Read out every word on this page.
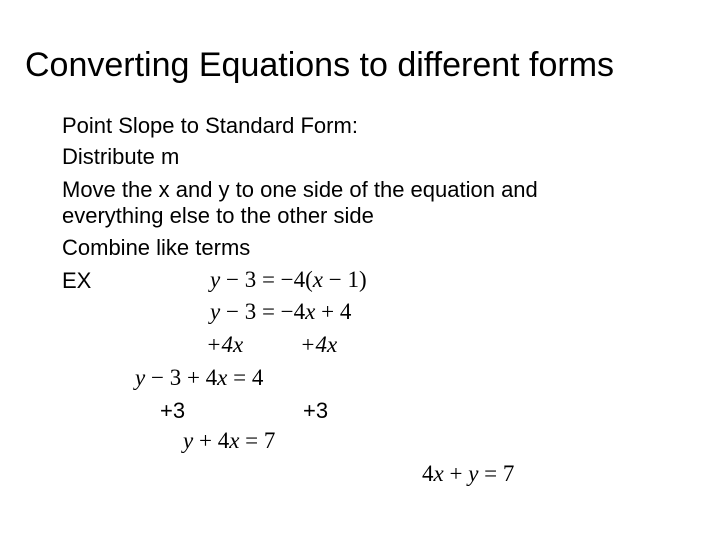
Converting Equations to different forms
Point Slope to Standard Form:
Distribute m
Move the x and y to one side of the equation and
everything else to the other side
Combine like terms
EX	y − 3 = −4(x − 1)
y − 3 = −4x + 4
+4x +4x
y − 3 + 4x = 4
+3	+3
y + 4x = 7
4x + y = 7
